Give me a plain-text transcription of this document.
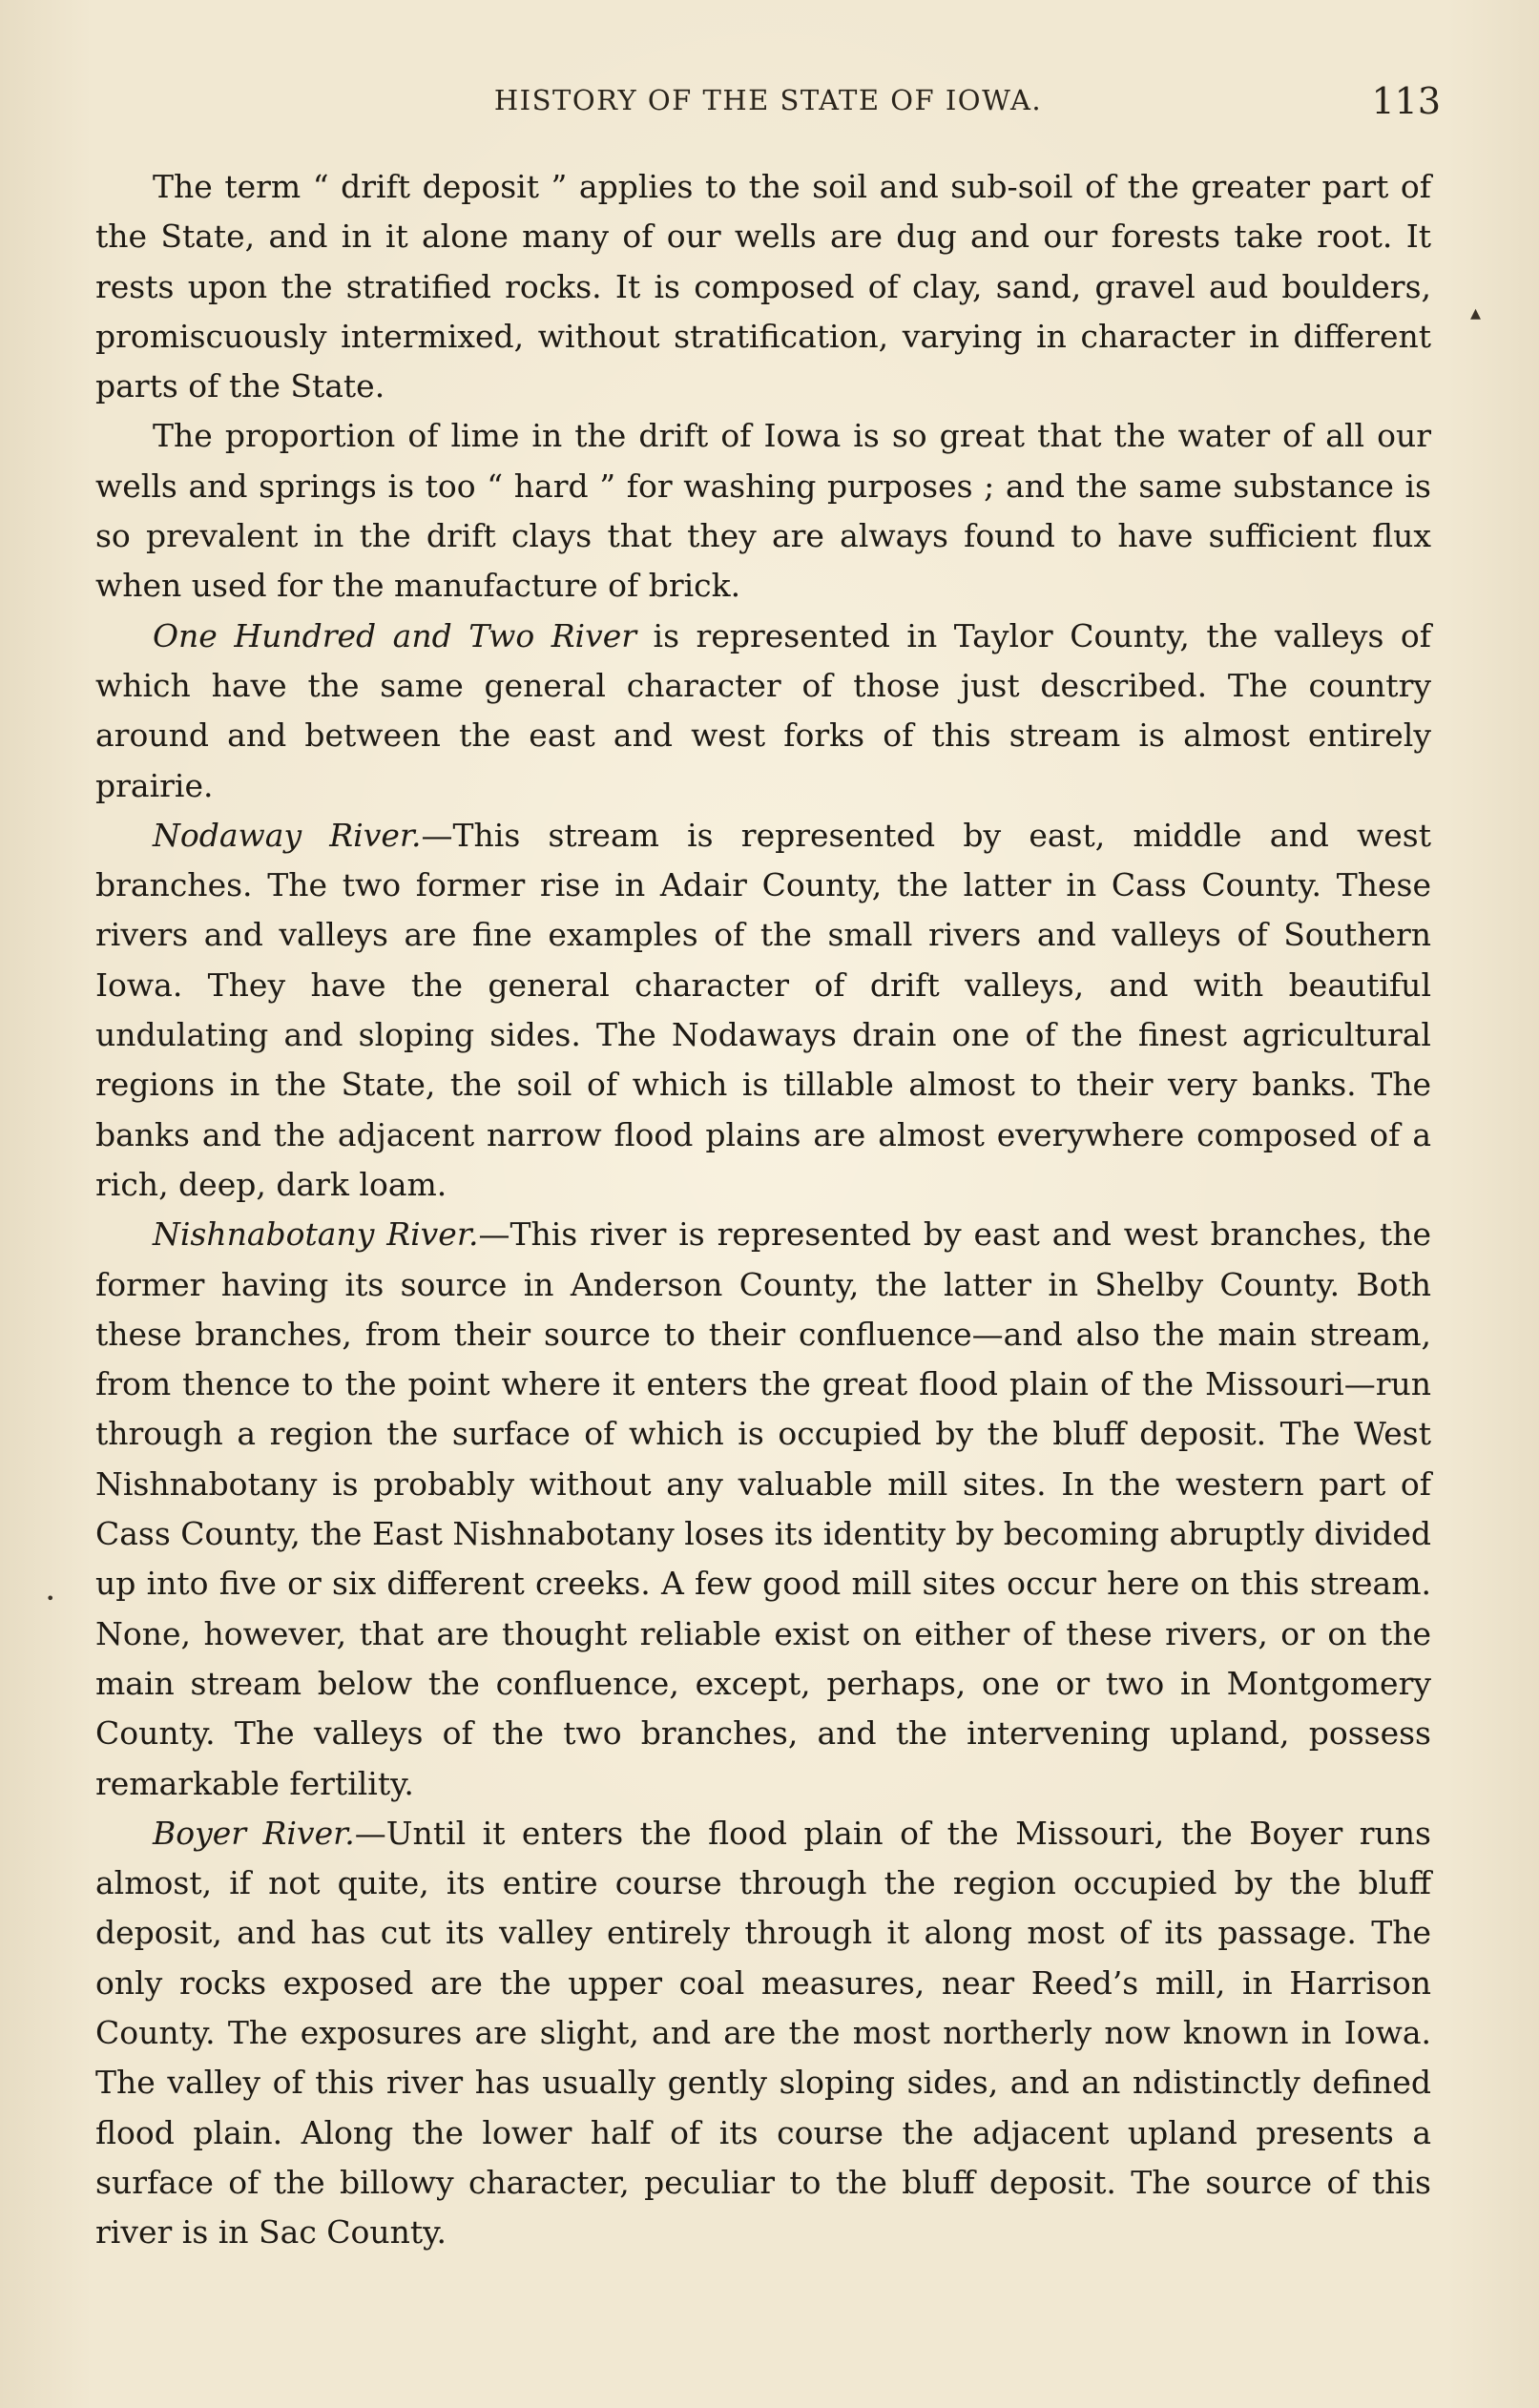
HISTORY OF THE STATE OF IOWA.	113

The term “ drift deposit ” applies to the soil and sub-soil of the greater part of the State, and in it alone many of our wells are dug and our forests take root. It rests upon the stratified rocks. It is composed of clay, sand, gravel aud boulders, promiscuously intermixed, without stratification, varying in character in different parts of the State.

The proportion of lime in the drift of Iowa is so great that the water of all our wells and springs is too “ hard ” for washing purposes ; and the same substance is so prevalent in the drift clays that they are always found to have sufficient flux when used for the manufacture of brick.

One Hundred and Two River is represented in Taylor County, the valleys of which have the same general character of those just described. The country around and between the east and west forks of this stream is almost entirely prairie.

Nodaway River.—This stream is represented by east, middle and west branches. The two former rise in Adair County, the latter in Cass County. These rivers and valleys are fine examples of the small rivers and valleys of Southern Iowa. They have the general character of drift valleys, and with beautiful undulating and sloping sides. The Nodaways drain one of the finest agricultural regions in the State, the soil of which is tillable almost to their very banks. The banks and the adjacent narrow flood plains are almost everywhere composed of a rich, deep, dark loam.

Nishnabotany River.—This river is represented by east and west branches, the former having its source in Anderson County, the latter in Shelby County. Both these branches, from their source to their confluence—and also the main stream, from thence to the point where it enters the great flood plain of the Missouri—run through a region the surface of which is occupied by the bluff deposit. The West Nishnabotany is probably without any valuable mill sites. In the western part of Cass County, the East Nishnabotany loses its identity by becoming abruptly divided up into five or six different creeks. A few good mill sites occur here on this stream. None, however, that are thought reliable exist on either of these rivers, or on the main stream below the confluence, except, perhaps, one or two in Montgomery County. The valleys of the two branches, and the intervening upland, possess remarkable fertility.

Boyer River.—Until it enters the flood plain of the Missouri, the Boyer runs almost, if not quite, its entire course through the region occupied by the bluff deposit, and has cut its valley entirely through it along most of its passage. The only rocks exposed are the upper coal measures, near Reed’s mill, in Harrison County. The exposures are slight, and are the most northerly now known in Iowa. The valley of this river has usually gently sloping sides, and an ndistinctly defined flood plain. Along the lower half of its course the adjacent upland presents a surface of the billowy character, peculiar to the bluff deposit. The source of this river is in Sac County.

▴
•
